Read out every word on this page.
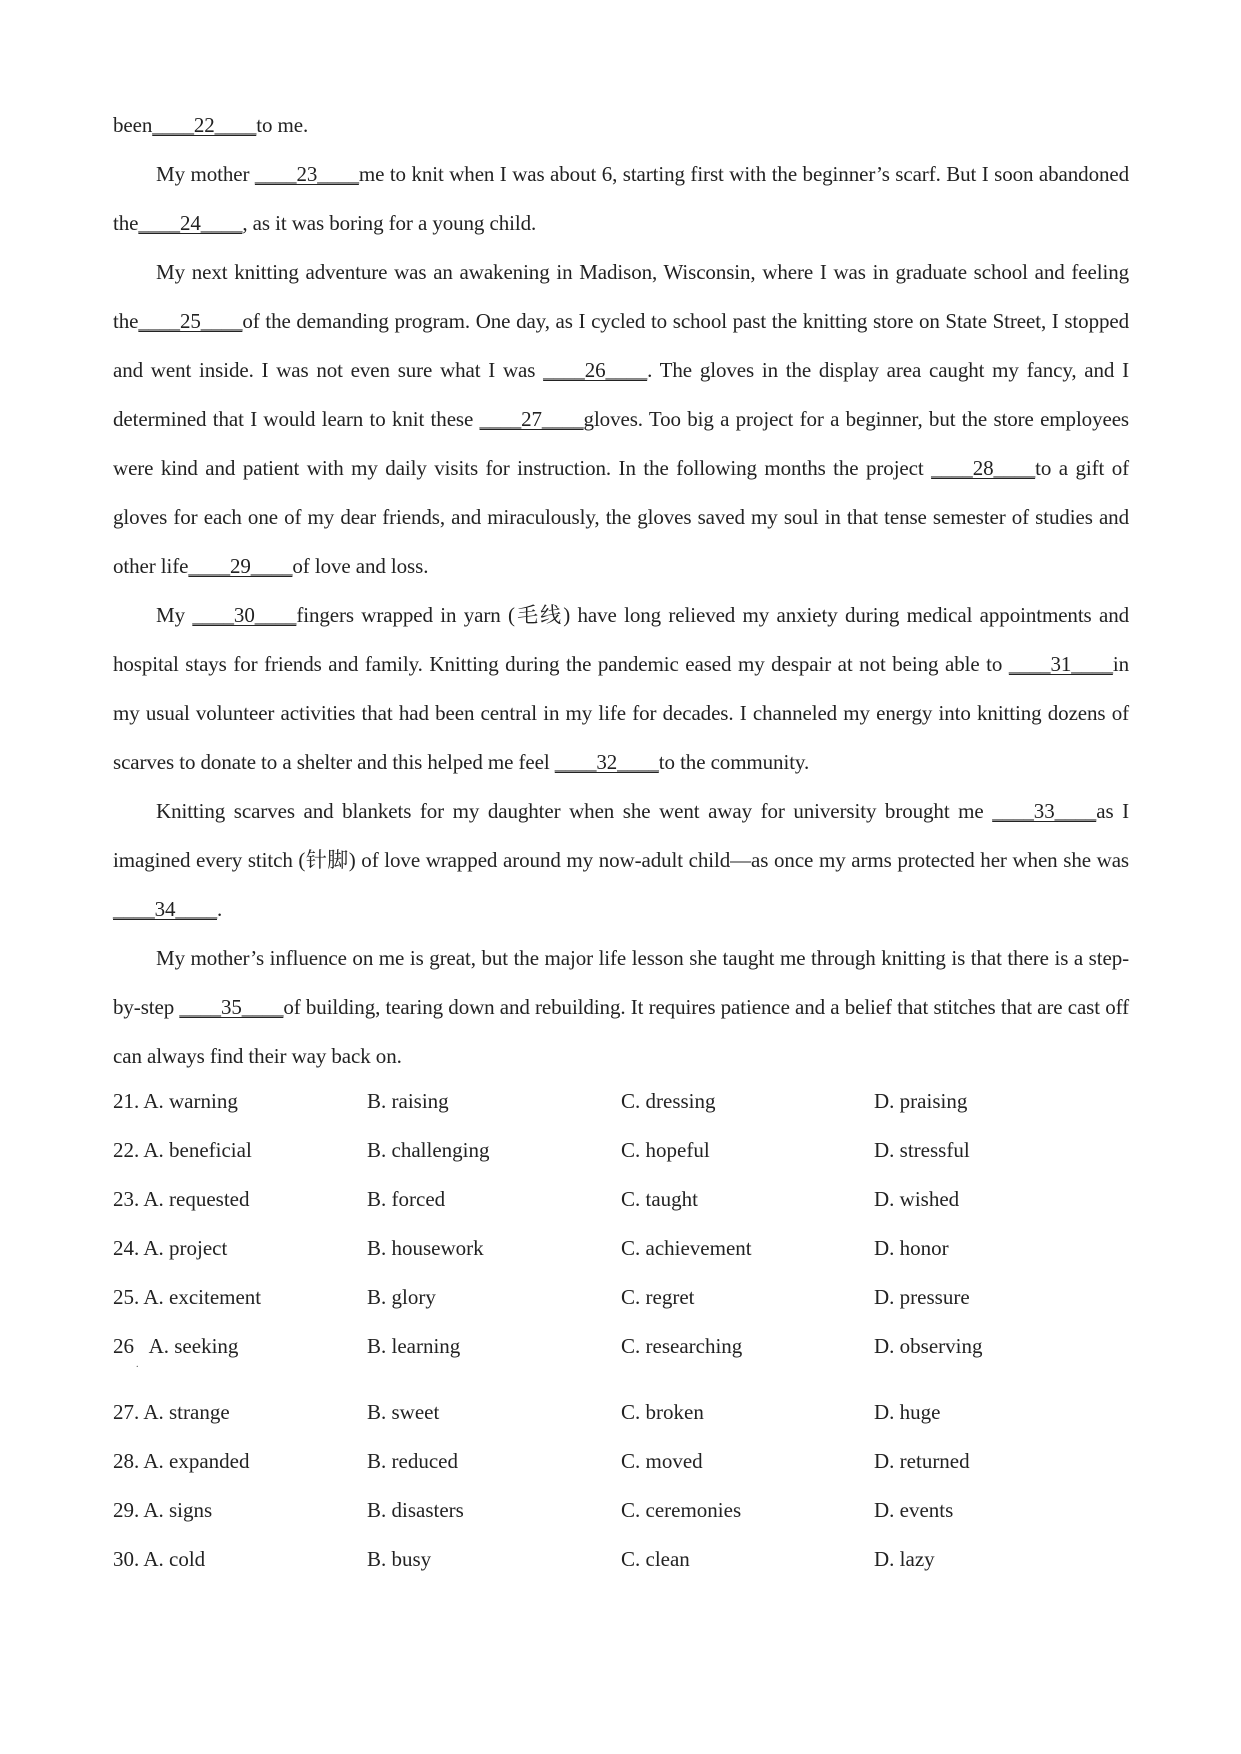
been____22____to me.

My mother ____23____me to knit when I was about 6, starting first with the beginner’s scarf. But I soon abandoned the____24____, as it was boring for a young child.

My next knitting adventure was an awakening in Madison, Wisconsin, where I was in graduate school and feeling the____25____of the demanding program. One day, as I cycled to school past the knitting store on State Street, I stopped and went inside. I was not even sure what I was ____26____. The gloves in the display area caught my fancy, and I determined that I would learn to knit these ____27____gloves. Too big a project for a beginner, but the store employees were kind and patient with my daily visits for instruction. In the following months the project ____28____to a gift of gloves for each one of my dear friends, and miraculously, the gloves saved my soul in that tense semester of studies and other life____29____of love and loss.

My ____30____fingers wrapped in yarn (毛线) have long relieved my anxiety during medical appointments and hospital stays for friends and family. Knitting during the pandemic eased my despair at not being able to ____31____in my usual volunteer activities that had been central in my life for decades. I channeled my energy into knitting dozens of scarves to donate to a shelter and this helped me feel ____32____to the community.

Knitting scarves and blankets for my daughter when she went away for university brought me ____33____as I imagined every stitch (针脚) of love wrapped around my now-adult child—as once my arms protected her when she was ____34____.

My mother’s influence on me is great, but the major life lesson she taught me through knitting is that there is a step-by-step ____35____of building, tearing down and rebuilding. It requires patience and a belief that stitches that are cast off can always find their way back on.

21. A. warning	B. raising	C. dressing	D. praising
22. A. beneficial	B. challenging	C. hopeful	D. stressful
23. A. requested	B. forced	C. taught	D. wished
24. A. project	B. housework	C. achievement	D. honor
25. A. excitement	B. glory	C. regret	D. pressure
26   A. seeking	B. learning	C. researching	D. observing
.
27. A. strange	B. sweet	C. broken	D. huge
28. A. expanded	B. reduced	C. moved	D. returned
29. A. signs	B. disasters	C. ceremonies	D. events
30. A. cold	B. busy	C. clean	D. lazy
